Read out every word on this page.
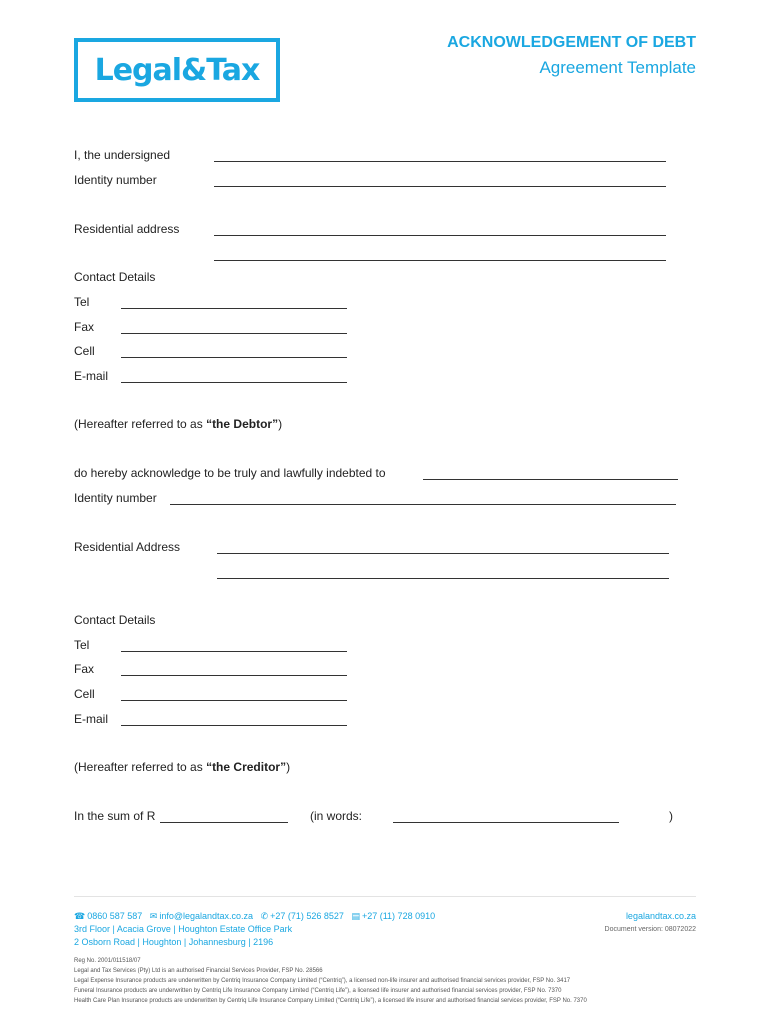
Legal&Tax
ACKNOWLEDGEMENT OF DEBT
Agreement Template
I, the undersigned
Identity number
Residential address
Contact Details
Tel
Fax
Cell
E-mail
(Hereafter referred to as “the Debtor”)
do hereby acknowledge to be truly and lawfully indebted to
Identity number
Residential Address
Contact Details
Tel
Fax
Cell
E-mail
(Hereafter referred to as “the Creditor”)
In the sum of R	(in words:	)
☎ 0860 587 587 ✉ info@legalandtax.co.za ✆ +27 (71) 526 8527 ▤ +27 (11) 728 0910
3rd Floor | Acacia Grove | Houghton Estate Office Park
2 Osborn Road | Houghton | Johannesburg | 2196
legalandtax.co.za
Document version: 08072022
Reg No. 2001/011518/07
Legal and Tax Services (Pty) Ltd is an authorised Financial Services Provider, FSP No. 28566
Legal Expense Insurance products are underwritten by Centriq Insurance Company Limited (“Centriq”), a licensed non-life insurer and authorised financial services provider, FSP No. 3417
Funeral Insurance products are underwritten by Centriq Life Insurance Company Limited (“Centriq Life”), a licensed life insurer and authorised financial services provider, FSP No. 7370
Health Care Plan Insurance products are underwritten by Centriq Life Insurance Company Limited (“Centriq Life”), a licensed life insurer and authorised financial services provider, FSP No. 7370
